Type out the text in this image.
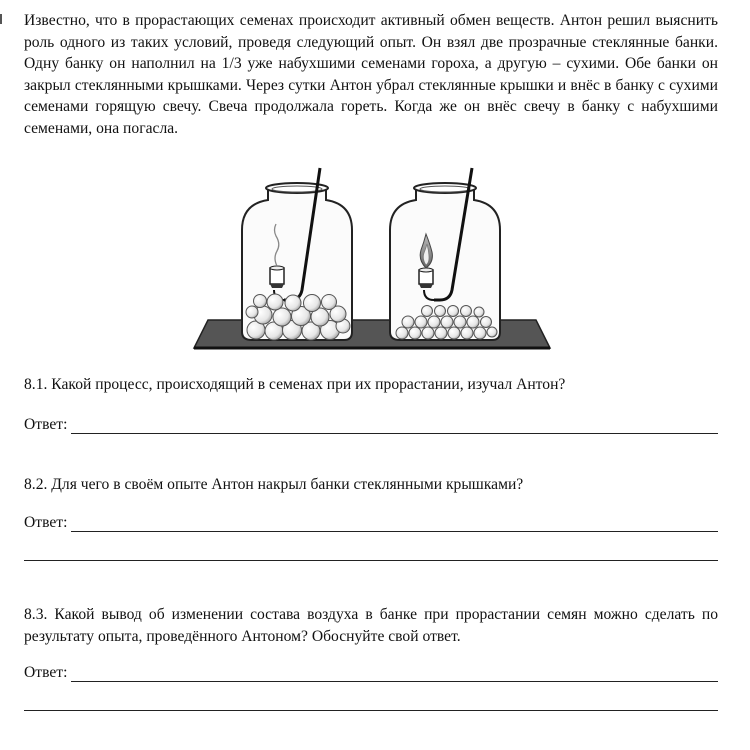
Известно, что в прорастающих семенах происходит активный обмен веществ. Антон решил выяснить роль одного из таких условий, проведя следующий опыт. Он взял две прозрачные стеклянные банки. Одну банку он наполнил на 1/3 уже набухшими семенами гороха, а другую – сухими. Обе банки он закрыл стеклянными крышками. Через сутки Антон убрал стеклянные крышки и внёс в банку с сухими семенами горящую свечу. Свеча продолжала гореть. Когда же он внёс свечу в банку с набухшими семенами, она погасла.

8.1. Какой процесс, происходящий в семенах при их прорастании, изучал Антон?

Ответ:

8.2. Для чего в своём опыте Антон накрыл банки стеклянными крышками?

Ответ:

8.3. Какой вывод об изменении состава воздуха в банке при прорастании семян можно сделать по результату опыта, проведённого Антоном? Обоснуйте свой ответ.

Ответ:
